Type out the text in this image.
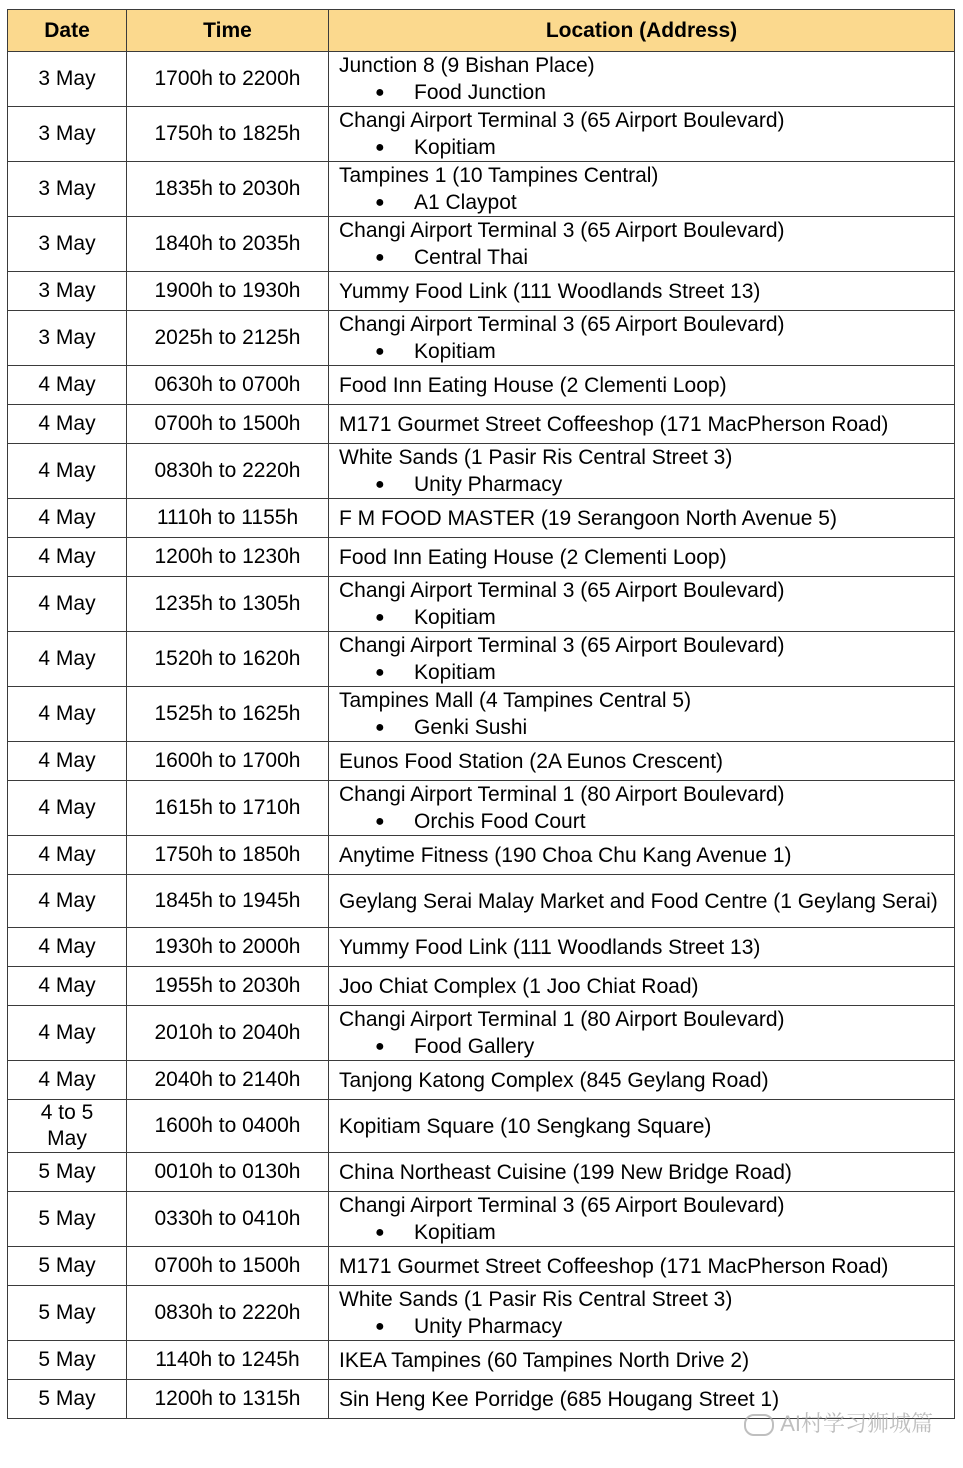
Date	Time	Location (Address)
3 May	1700h to 2200h	Junction 8 (9 Bishan Place)
● Food Junction

3 May	1750h to 1825h	Changi Airport Terminal 3 (65 Airport Boulevard)
● Kopitiam

3 May	1835h to 2030h	Tampines 1 (10 Tampines Central)
● A1 Claypot

3 May	1840h to 2035h	Changi Airport Terminal 3 (65 Airport Boulevard)
● Central Thai

3 May	1900h to 1930h	Yummy Food Link (111 Woodlands Street 13)

3 May	2025h to 2125h	Changi Airport Terminal 3 (65 Airport Boulevard)
● Kopitiam

4 May	0630h to 0700h	Food Inn Eating House (2 Clementi Loop)

4 May	0700h to 1500h	M171 Gourmet Street Coffeeshop (171 MacPherson Road)

4 May	0830h to 2220h	White Sands (1 Pasir Ris Central Street 3)
● Unity Pharmacy

4 May	1110h to 1155h	F M FOOD MASTER (19 Serangoon North Avenue 5)

4 May	1200h to 1230h	Food Inn Eating House (2 Clementi Loop)

4 May	1235h to 1305h	Changi Airport Terminal 3 (65 Airport Boulevard)
● Kopitiam

4 May	1520h to 1620h	Changi Airport Terminal 3 (65 Airport Boulevard)
● Kopitiam

4 May	1525h to 1625h	Tampines Mall (4 Tampines Central 5)
● Genki Sushi

4 May	1600h to 1700h	Eunos Food Station (2A Eunos Crescent)

4 May	1615h to 1710h	Changi Airport Terminal 1 (80 Airport Boulevard)
● Orchis Food Court

4 May	1750h to 1850h	Anytime Fitness (190 Choa Chu Kang Avenue 1)

4 May	1845h to 1945h	Geylang Serai Malay Market and Food Centre (1 Geylang Serai)

4 May	1930h to 2000h	Yummy Food Link (111 Woodlands Street 13)

4 May	1955h to 2030h	Joo Chiat Complex (1 Joo Chiat Road)

4 May	2010h to 2040h	Changi Airport Terminal 1 (80 Airport Boulevard)
● Food Gallery

4 May	2040h to 2140h	Tanjong Katong Complex (845 Geylang Road)

4 to 5 May	1600h to 0400h	Kopitiam Square (10 Sengkang Square)

5 May	0010h to 0130h	China Northeast Cuisine (199 New Bridge Road)

5 May	0330h to 0410h	Changi Airport Terminal 3 (65 Airport Boulevard)
● Kopitiam

5 May	0700h to 1500h	M171 Gourmet Street Coffeeshop (171 MacPherson Road)

5 May	0830h to 2220h	White Sands (1 Pasir Ris Central Street 3)
● Unity Pharmacy

5 May	1140h to 1245h	IKEA Tampines (60 Tampines North Drive 2)

5 May	1200h to 1315h	Sin Heng Kee Porridge (685 Hougang Street 1)
AI村学习狮城篇
